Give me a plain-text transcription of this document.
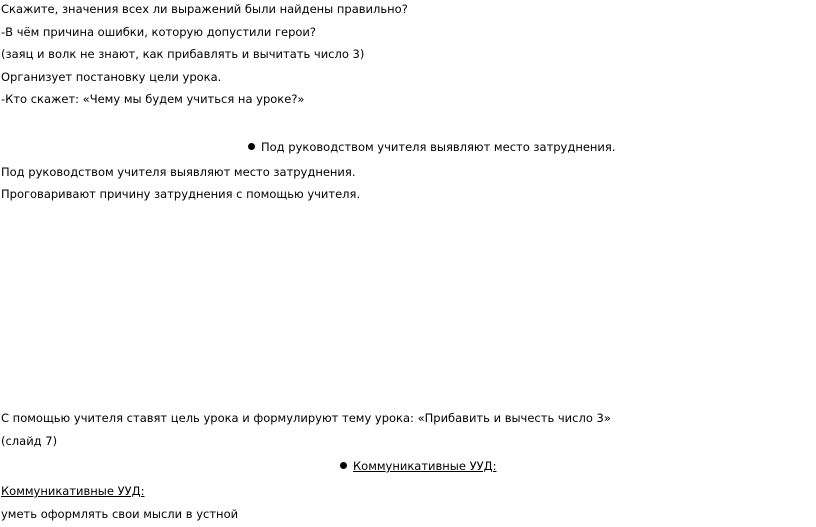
Скажите, значения всех ли выражений были найдены правильно?
-В чём причина ошибки, которую допустили герои?
(заяц и волк не знают, как прибавлять и вычитать число 3)
Организует постановку цели урока.
-Кто скажет: «Чему мы будем учиться на уроке?»
Под руководством учителя выявляют место затруднения.
Под руководством учителя выявляют место затруднения.
Проговаривают причину затруднения с помощью учителя.
С помощью учителя ставят цель урока и формулируют тему урока: «Прибавить и вычесть число 3»
(слайд 7)
Коммуникативные УУД:
Коммуникативные УУД:
уметь оформлять свои мысли в устной
